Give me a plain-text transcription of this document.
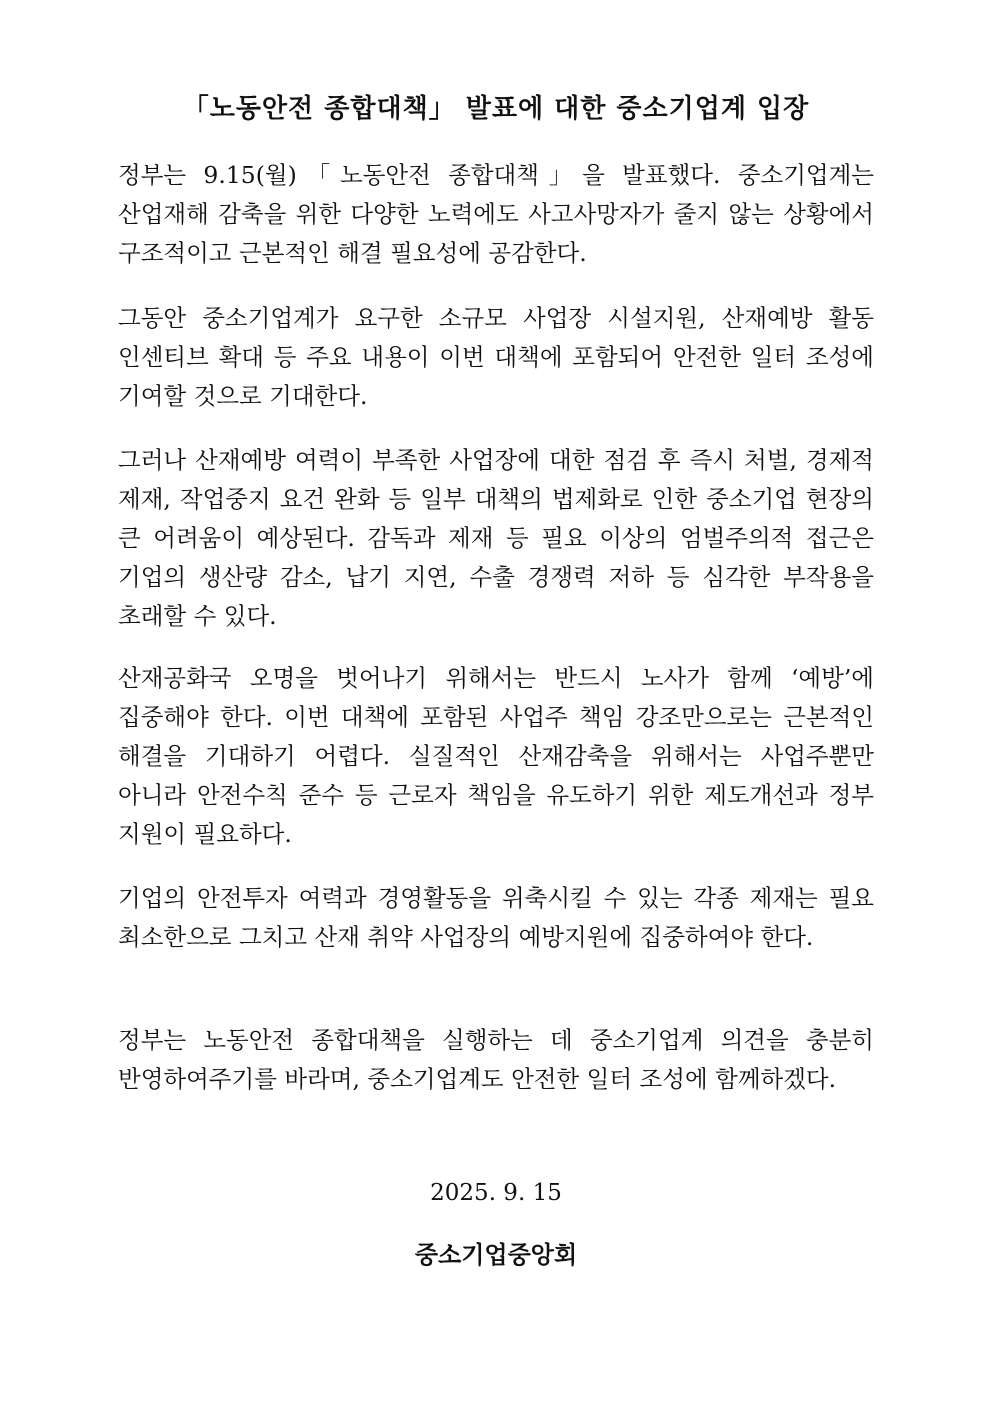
「노동안전 종합대책」 발표에 대한 중소기업계 입장
정부는 9.15(월)「노동안전 종합대책」을 발표했다. 중소기업계는 산업재해 감축을 위한 다양한 노력에도 사고사망자가 줄지 않는 상황에서 구조적이고 근본적인 해결 필요성에 공감한다.
그동안 중소기업계가 요구한 소규모 사업장 시설지원, 산재예방 활동 인센티브 확대 등 주요 내용이 이번 대책에 포함되어 안전한 일터 조성에 기여할 것으로 기대한다.
그러나 산재예방 여력이 부족한 사업장에 대한 점검 후 즉시 처벌, 경제적 제재, 작업중지 요건 완화 등 일부 대책의 법제화로 인한 중소기업 현장의 큰 어려움이 예상된다. 감독과 제재 등 필요 이상의 엄벌주의적 접근은 기업의 생산량 감소, 납기 지연, 수출 경쟁력 저하 등 심각한 부작용을 초래할 수 있다.
산재공화국 오명을 벗어나기 위해서는 반드시 노사가 함께 ‘예방’에 집중해야 한다. 이번 대책에 포함된 사업주 책임 강조만으로는 근본적인 해결을 기대하기 어렵다. 실질적인 산재감축을 위해서는 사업주뿐만 아니라 안전수칙 준수 등 근로자 책임을 유도하기 위한 제도개선과 정부 지원이 필요하다.
기업의 안전투자 여력과 경영활동을 위축시킬 수 있는 각종 제재는 필요 최소한으로 그치고 산재 취약 사업장의 예방지원에 집중하여야 한다.
정부는 노동안전 종합대책을 실행하는 데 중소기업계 의견을 충분히 반영하여주기를 바라며, 중소기업계도 안전한 일터 조성에 함께하겠다.
2025. 9. 15
중소기업중앙회
